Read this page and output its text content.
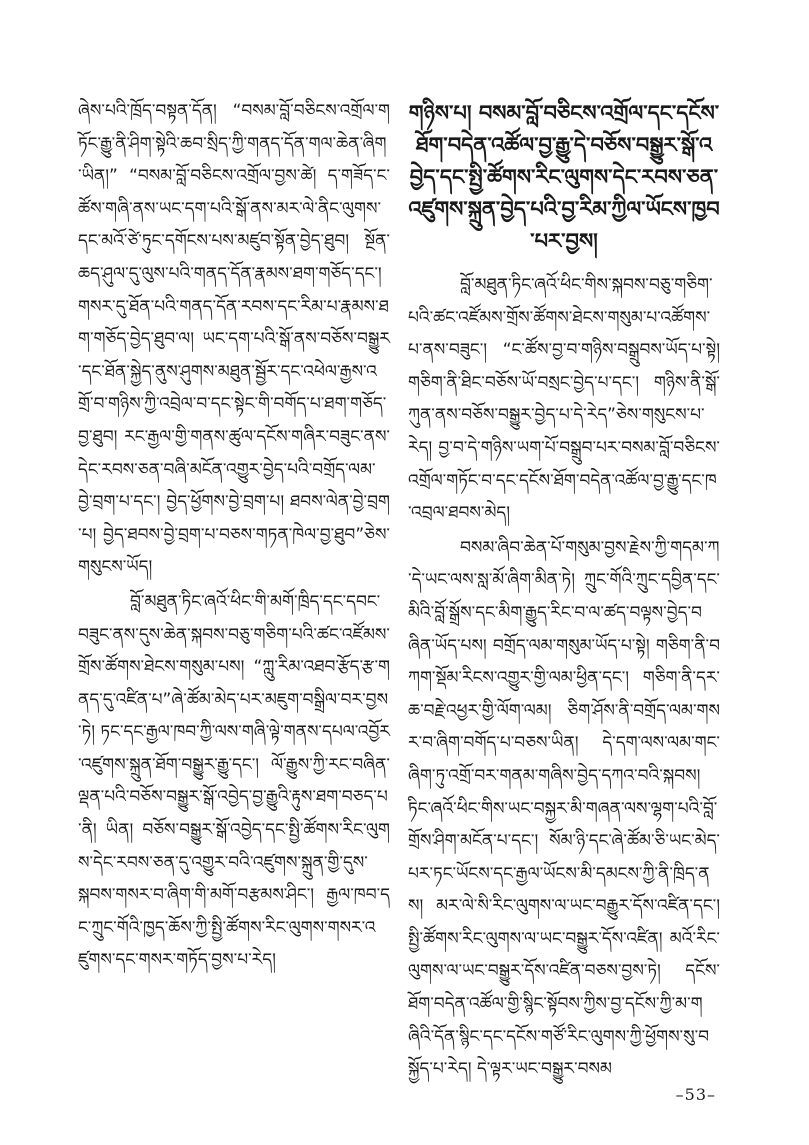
ཞེས་པའི་ཁྲོད་བསྟན་དོན། “བསམ་བློ་བཅིངས་འགྲོལ་གཏོང་རྒྱུ་ནི་ཤིག་སྟེའི་ཆབ་སྲིད་ཀྱི་གནད་དོན་གལ་ཆེན་ཞིག་ཡིན།” “བསམ་བློ་བཅིངས་འགྲོལ་བྱས་ཚེ། ད་གཟོད་ང་ཚོས་གཞི་ནས་ཡང་དག་པའི་སྒོ་ནས་མར་ལེ་ནིང་ལུགས་དང་མའོ་ཙེ་ཏུང་དགོངས་པས་མཛུབ་སྟོན་བྱེད་ཐུབ། སྔོན་ཆད་ཤུལ་དུ་ལུས་པའི་གནད་དོན་རྣམས་ཐག་གཅོད་དང་། གསར་དུ་ཐོན་པའི་གནད་དོན་རབས་དང་རིམ་པ་རྣམས་ཐག་གཅོད་བྱེད་ཐུབ་ལ། ཡང་དག་པའི་སྒོ་ནས་བཅོས་བསྒྱུར་དང་ཐོན་སྐྱེད་ནུས་ཤུགས་མཐུན་སྦྱོར་དང་འཕེལ་རྒྱས་འགྲོ་བ་གཉིས་ཀྱི་འབྲེལ་བ་དང་སྟེང་གི་བགོད་པ་ཐག་གཅོད་བྱ་ཐུབ། རང་རྒྱལ་གྱི་གནས་ཚུལ་དངོས་གཞིར་བཟུང་ནས་དེང་རབས་ཅན་བཞི་མངོན་འགྱུར་བྱེད་པའི་བགྲོད་ལམ་བྱེ་བྲག་པ་དང་། བྱེད་ཕྱོགས་བྱེ་བྲག་པ། ཐབས་ལེན་བྱེ་བྲག་པ། བྱེད་ཐབས་བྱེ་བྲག་པ་བཅས་གཏན་ཁེལ་བྱ་ཐུབ”ཅེས་གསུངས་ཡོད།

བློ་མཐུན་ཏིང་ཞའོ་ཕིང་གི་མགོ་ཁྲིད་དང་དབང་བཟུང་ནས་དུས་ཆེན་སྐབས་བཅུ་གཅིག་པའི་ཚང་འཛོམས་གྲོས་ཚོགས་ཐེངས་གསུམ་པས། “ཀླུ་རིམ་འཐབ་རྩོད་རྩ་གནད་དུ་འཛིན་པ”ཞེ་ཚོམ་མེད་པར་མཇུག་བསྒྲིལ་བར་བྱས་ཏེ། ཏང་དང་རྒྱལ་ཁབ་ཀྱི་ལས་གཞི་ལྟེ་གནས་དཔལ་འབྱོར་འཛུགས་སྐྲུན་ཐོག་བསྒྱུར་རྒྱུ་དང་། ལོ་རྒྱུས་ཀྱི་རང་བཞིན་ལྡན་པའི་བཅོས་བསྒྱུར་སྒོ་འབྱེད་བྱ་རྒྱུའི་རྟུས་ཐག་བཅད་པ་ནི། ཡིན། བཅོས་བསྒྱུར་སྒོ་འབྱེད་དང་སྤྱི་ཚོགས་རིང་ལུགས་དེང་རབས་ཅན་དུ་འགྱུར་བའི་འཛུགས་སྐྲུན་གྱི་དུས་སྐབས་གསར་བ་ཞིག་གི་མགོ་བརྩམས་ཤིང་། རྒྱལ་ཁབ་དང་ཀྲུང་གོའི་ཁྱད་ཆོས་ཀྱི་སྤྱི་ཚོགས་རིང་ལུགས་གསར་འཛུགས་དང་གསར་གཏོད་བྱས་པ་རེད།

གཉིས་པ། བསམ་བློ་བཅིངས་འགྲོལ་དང་དངོས་ཐོག་བདེན་འཚོལ་བྱ་རྒྱུ་དེ་བཅོས་བསྒྱུར་སྒོ་འབྱེད་དང་སྤྱི་ཚོགས་རིང་ལུགས་དེང་རབས་ཅན་འཛུགས་སྐྲུན་བྱེད་པའི་བྱ་རིམ་ཀྱིལ་ཡོངས་ཁྱབ་པར་བྱས།

བློ་མཐུན་ཏིང་ཞའོ་ཕིང་གིས་སྐབས་བཅུ་གཅིག་པའི་ཚང་འཛོམས་གྲོས་ཚོགས་ཐེངས་གསུམ་པ་འཚོགས་པ་ནས་བཟུང་། “ང་ཚོས་བྱ་བ་གཉིས་བསྒྲུབས་ཡོད་པ་སྟེ། གཅིག་ནི་ཐིང་བཅོས་ཡོ་བསྲང་བྱེད་པ་དང་། གཉིས་ནི་སྒོ་ཀུན་ནས་བཅོས་བསྒྱུར་བྱེད་པ་དེ་རེད”ཅེས་གསུངས་པ་རེད། བྱ་བ་དེ་གཉིས་ཡག་པོ་བསྒྲུབ་པར་བསམ་བློ་བཅིངས་འགྲོལ་གཏོང་བ་དང་དངོས་ཐོག་བདེན་འཚོལ་བྱ་རྒྱུ་དང་ཁ་འབྲལ་ཐབས་མེད།

བསམ་ཞིབ་ཆེན་པོ་གསུམ་བྱས་རྗེས་ཀྱི་གདམ་ཀ་དེ་ཡང་ལས་སླ་མོ་ཞིག་མིན་ཏེ། ཀྲུང་གོའི་ཀྲུང་དབྱིན་དང་མིའི་བློ་སྒྲོས་དང་མིག་རྒྱུད་རིང་བ་ལ་ཚད་བལྟས་བྱེད་བཞིན་ཡོད་པས། བགྲོད་ལམ་གསུམ་ཡོད་པ་སྟེ། གཅིག་ནི་བཀག་སྡོམ་རིངས་འགྱུར་གྱི་ལམ་ཕྱིན་དང་། གཅིག་ནི་དར་ཆ་བརྗེ་འཕྱར་གྱི་ལོག་ལམ། ཅིག་ཤོས་ནི་བགྲོད་ལམ་གསར་བ་ཞིག་བགོད་པ་བཅས་ཡིན། དེ་དག་ལས་ལམ་གང་ཞིག་ཏུ་འགྲོ་བར་གནམ་གཞིས་བྱེད་དཀའ་བའི་སྐབས། ཏིང་ཞའོ་ཕིང་གིས་ཡང་བསྐྱར་མི་གཞན་ལས་ལྷག་པའི་བློ་གྲོས་ཤིག་མངོན་པ་དང་། སོམ་ཉི་དང་ཞེ་ཚོམ་ཅི་ཡང་མེད་པར་ཏང་ཡོངས་དང་རྒྱལ་ཡོངས་མི་དམངས་ཀྱི་ནི་ཁྲིད་ནས། མར་ལེ་སི་རིང་ལུགས་ལ་ཡང་བརྒྱུར་དོས་འཛིན་དང་། སྤྱི་ཚོགས་རིང་ལུགས་ལ་ཡང་བསྒྱུར་དོས་འཛིན། མའོ་རིང་ལུགས་ལ་ཡང་བསྒྱུར་དོས་འཛིན་བཅས་བྱས་ཏེ། དངོས་ཐོག་བདེན་འཚོལ་གྱི་སྙིང་སྟོབས་ཀྱིས་བྱ་དངོས་ཀྱི་མ་གཞིའི་དོན་སྙིང་དང་དངོས་གཙོ་རིང་ལུགས་ཀྱི་ཕྱོགས་སུ་བསྐྱོད་པ་རེད། དེ་ལྟར་ཡང་བསྒྱུར་བསམ

–53–
